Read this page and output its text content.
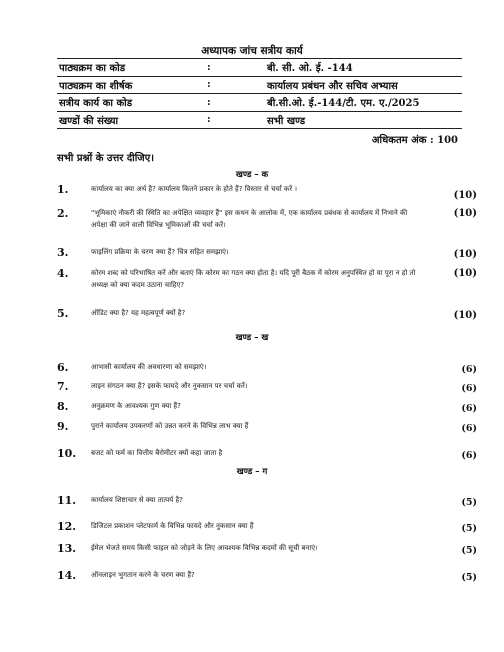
अध्यापक जांच सत्रीय कार्य
पाठ्यक्रम का कोड	:	बी. सी. ओ. ई. -144
पाठ्यक्रम का शीर्षक	:	कार्यालय प्रबंधन और सचिव अभ्यास
सत्रीय कार्य का कोड	:	बी.सी.ओ. ई.-144/टी. एम. ए./2025
खण्डों की संख्या	:	सभी खण्ड
अधिकतम अंक : 100
सभी प्रश्नों के उत्तर दीजिए।
खण्ड – क
1.	कार्यालय का क्या अर्थ है? कार्यालय कितने प्रकार के होते हैं? विस्तार से चर्चा करें ।
(10)
2.	"भूमिकाएं नौकरी की स्थिति का अपेक्षित व्यवहार हैं" इस कथन के आलोक में, एक कार्यालय प्रबंधक से कार्यालय में निभाने की अपेक्षा की जाने वाली विभिन्न भूमिकाओं की चर्चा करें।
(10)
3.	फाइलिंग प्रक्रिया के चरण क्या हैं? चित्र सहित समझाएं।	(10)
4.	कोरम शब्द को परिभाषित करें और बताएं कि कोरम का गठन क्या होता है। यदि पूरी बैठक में कोरम अनुपस्थित हो या पूरा न हो तो अध्यक्ष को क्या कदम उठाना चाहिए?
(10)
5.	ऑडिट क्या है? यह महत्वपूर्ण क्यों है?	(10)
खण्ड – ख
6.	आभासी कार्यालय की अवधारणा को समझाएं।	(6)
7.	लाइन संगठन क्या है? इसके फायदे और नुकसान पर चर्चा करें।	(6)
8.	अनुक्रमण के आवश्यक गुण क्या हैं?	(6)
9.	पुराने कार्यालय उपकरणों को उन्नत करने के विभिन्न लाभ क्या हैं	(6)
10.	बजट को फर्म का वित्तीय बैरोमीटर क्यों कहा जाता है	(6)
खण्ड – ग
11.	कार्यालय शिष्टाचार से क्या तात्पर्य है?	(5)
12.	डिजिटल प्रकाशन प्लेटफार्म के विभिन्न फायदे और नुकसान क्या हैं	(5)
13.	ईमेल भेजते समय किसी फाइल को जोड़ने के लिए आवश्यक विभिन्न कदमों की सूची बनाएं।	(5)
14.	ऑनलाइन भुगतान करने के चरण क्या हैं?	(5)
